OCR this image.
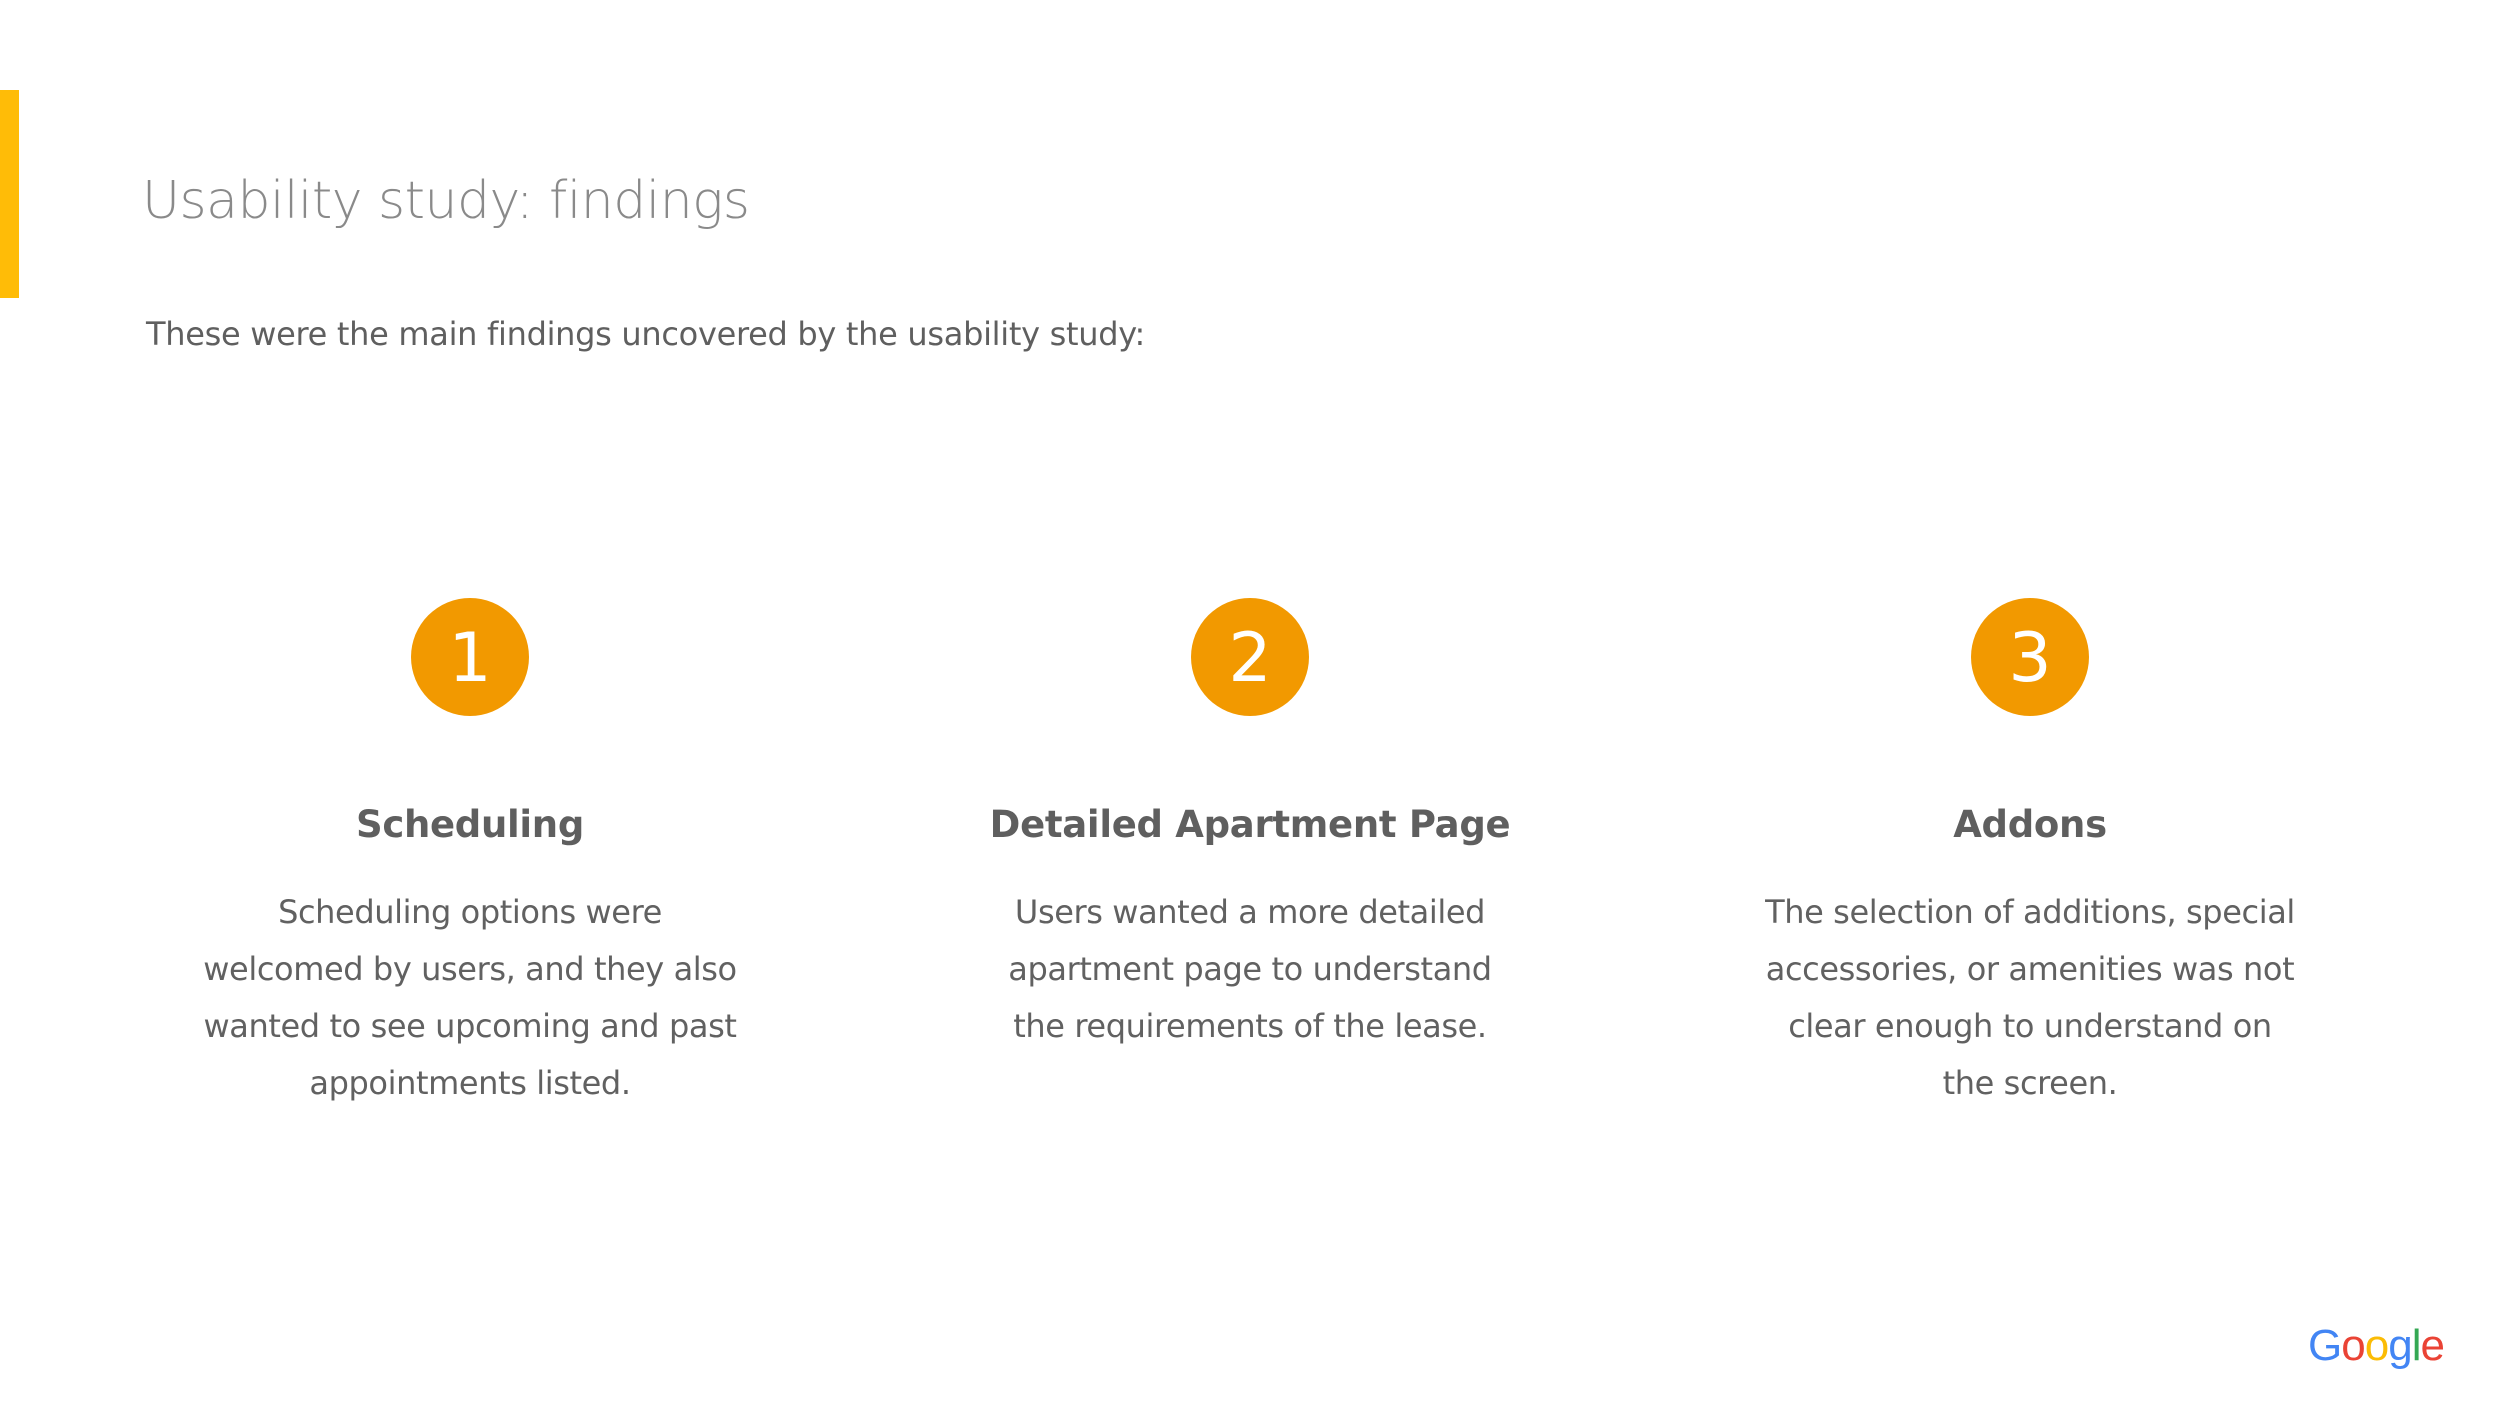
Usability study: findings

These were the main findings uncovered by the usability study:

1
Scheduling

Scheduling options were welcomed by users, and they also wanted to see upcoming and past appointments listed.

2
Detailed Apartment Page

Users wanted a more detailed apartment page to understand the requirements of the lease.

3
Addons

The selection of additions, special accessories, or amenities was not clear enough to understand on the screen.

Google
